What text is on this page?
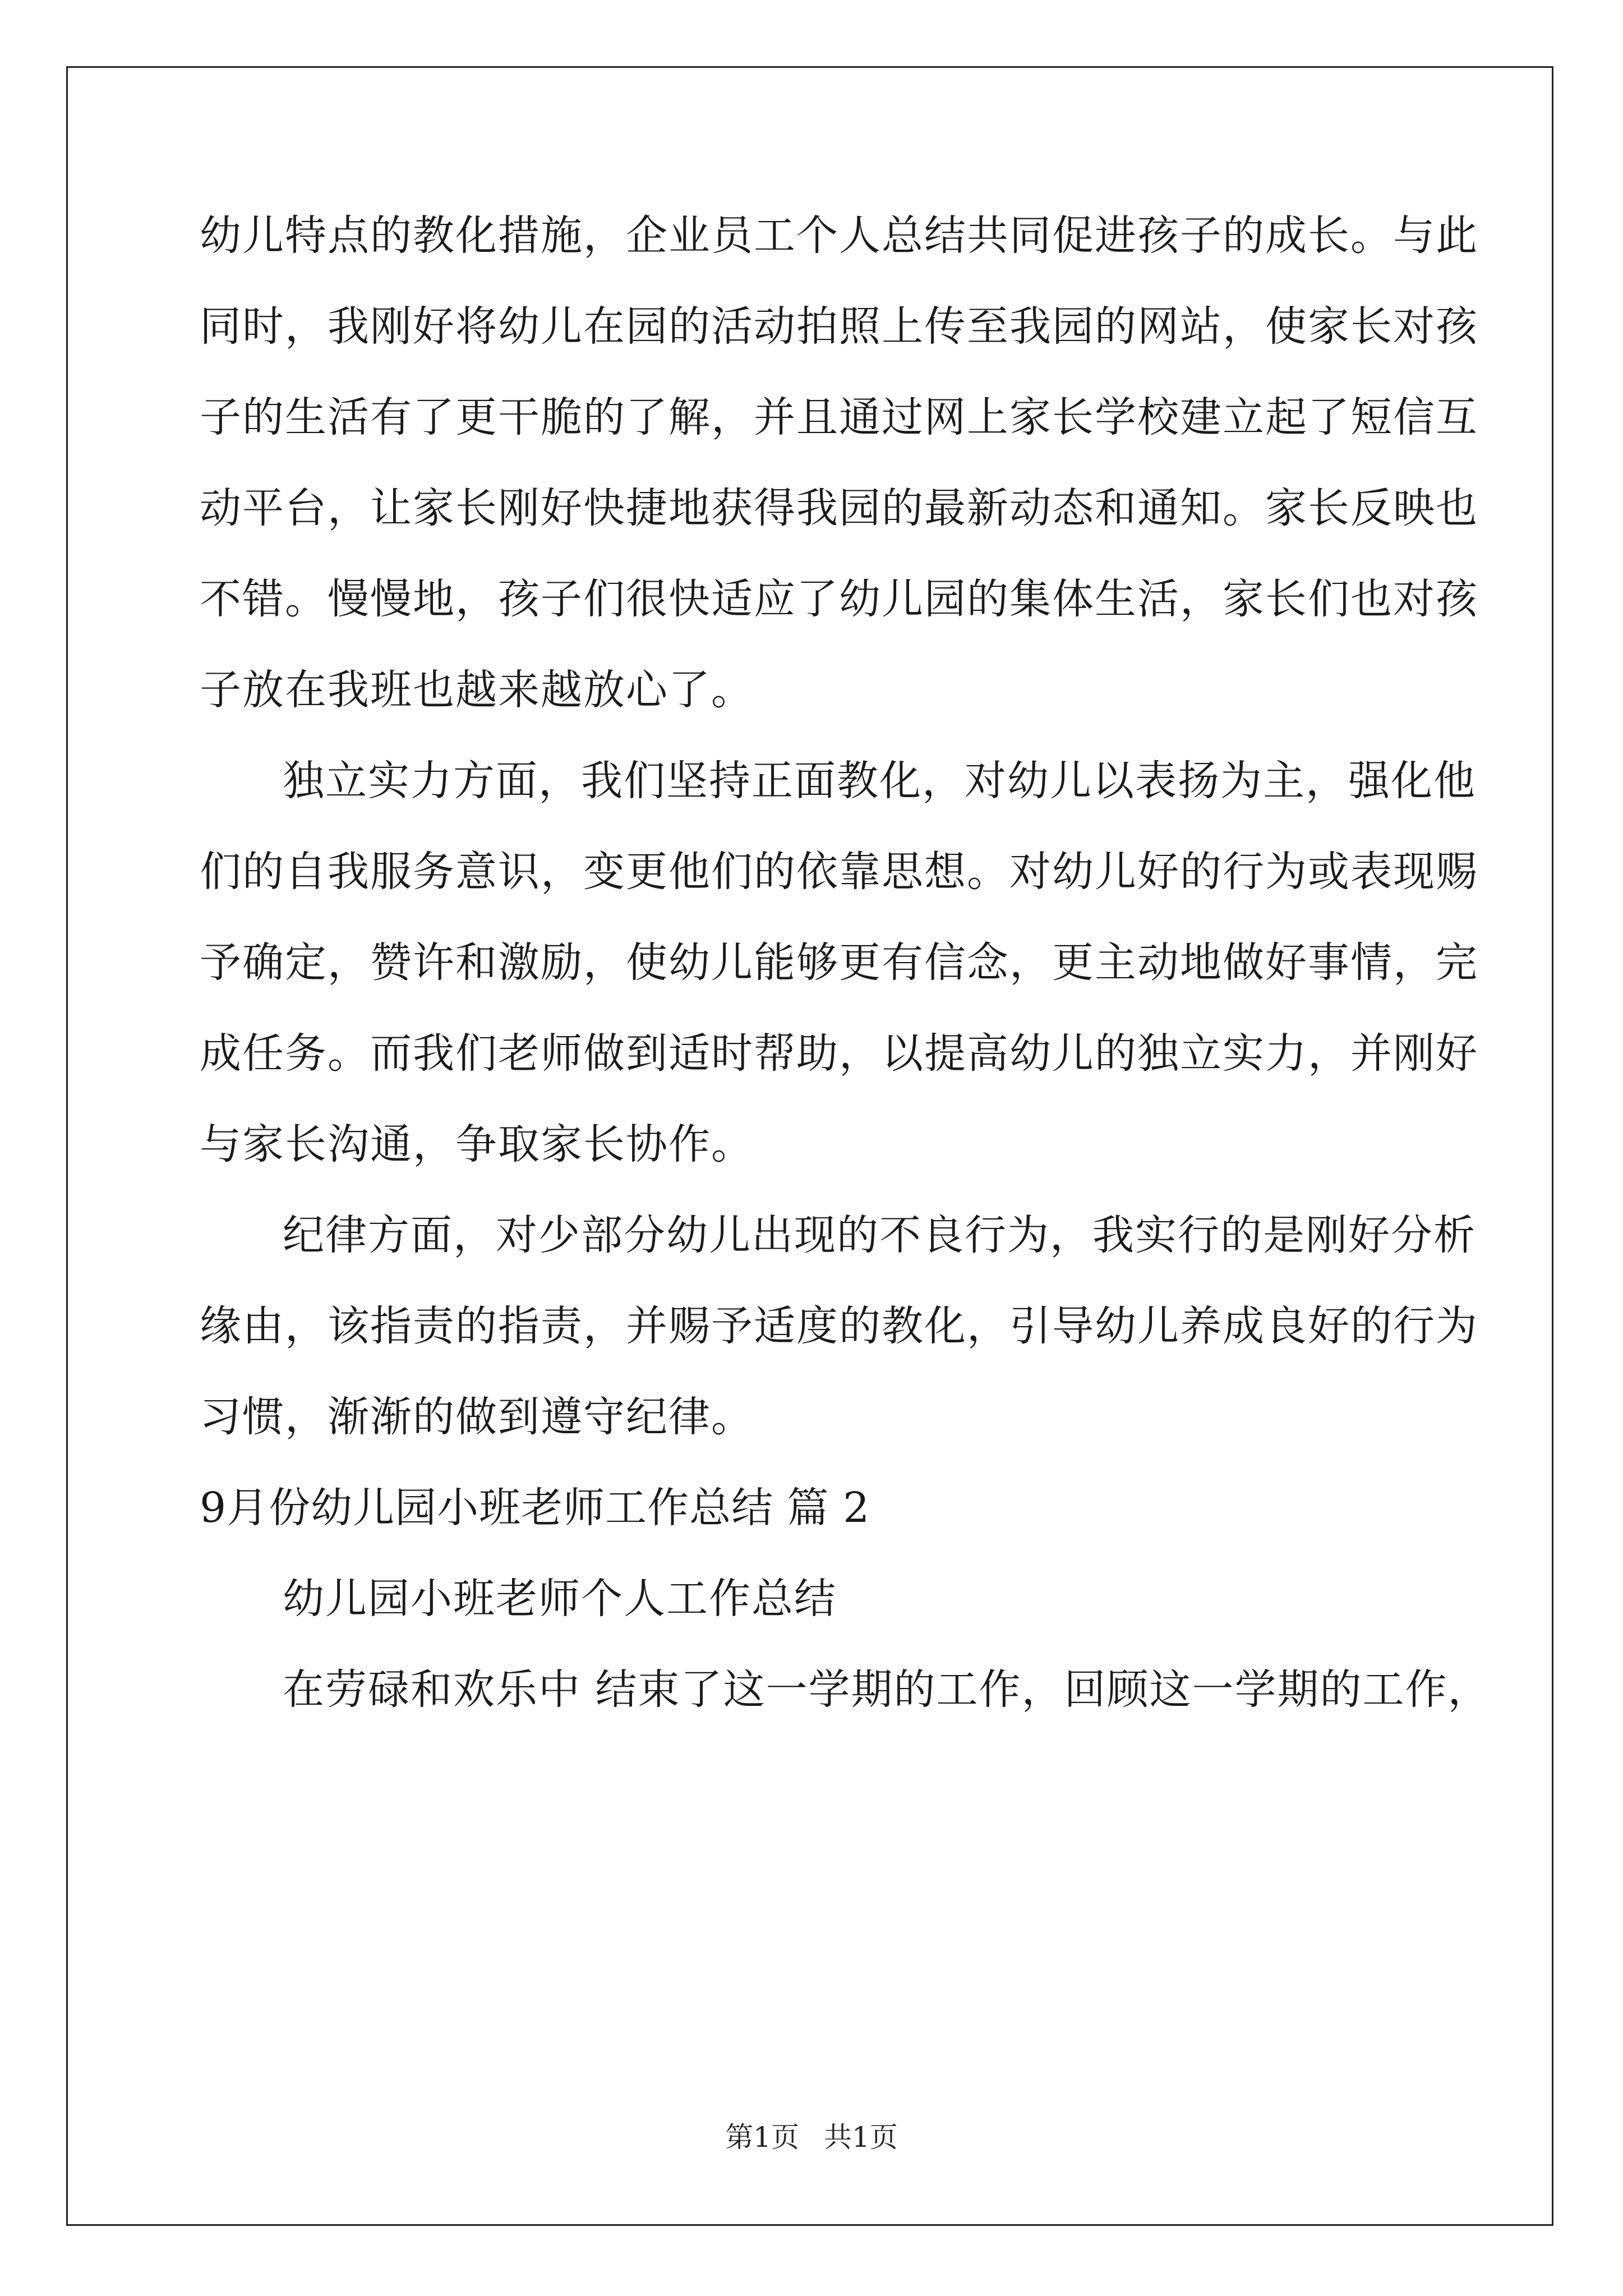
幼儿特点的教化措施，企业员工个人总结共同促进孩子的成长。与此
同时，我刚好将幼儿在园的活动拍照上传至我园的网站，使家长对孩
子的生活有了更干脆的了解，并且通过网上家长学校建立起了短信互
动平台，让家长刚好快捷地获得我园的最新动态和通知。家长反映也
不错。慢慢地，孩子们很快适应了幼儿园的集体生活，家长们也对孩
子放在我班也越来越放心了。
独立实力方面，我们坚持正面教化，对幼儿以表扬为主，强化他
们的自我服务意识，变更他们的依靠思想。对幼儿好的行为或表现赐
予确定，赞许和激励，使幼儿能够更有信念，更主动地做好事情，完
成任务。而我们老师做到适时帮助，以提高幼儿的独立实力，并刚好
与家长沟通，争取家长协作。
纪律方面，对少部分幼儿出现的不良行为，我实行的是刚好分析
缘由，该指责的指责，并赐予适度的教化，引导幼儿养成良好的行为
习惯，渐渐的做到遵守纪律。
9月份幼儿园小班老师工作总结 篇 2
幼儿园小班老师个人工作总结
在劳碌和欢乐中 结束了这一学期的工作，回顾这一学期的工作，
第1页 共1页
